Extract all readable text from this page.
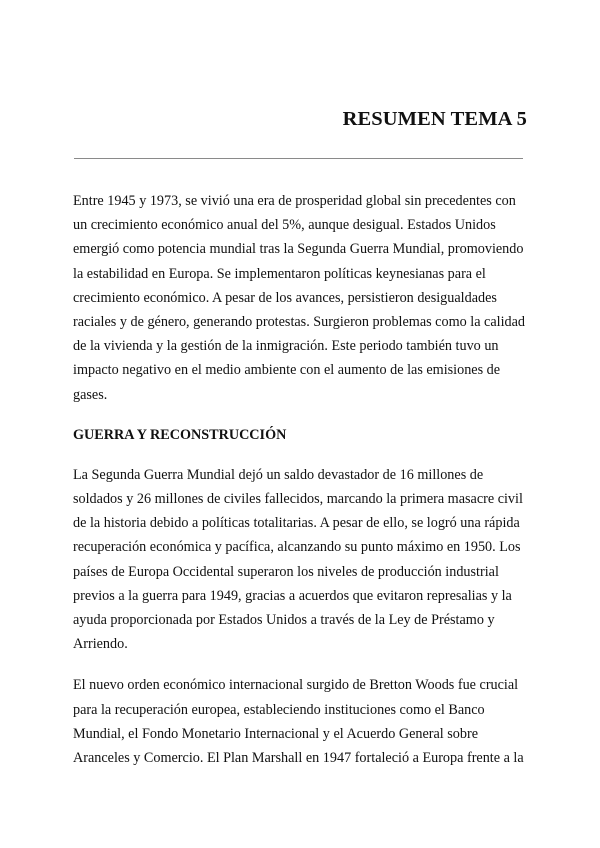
RESUMEN TEMA 5

Entre 1945 y 1973, se vivió una era de prosperidad global sin precedentes con un crecimiento económico anual del 5%, aunque desigual. Estados Unidos emergió como potencia mundial tras la Segunda Guerra Mundial, promoviendo la estabilidad en Europa. Se implementaron políticas keynesianas para el crecimiento económico. A pesar de los avances, persistieron desigualdades raciales y de género, generando protestas. Surgieron problemas como la calidad de la vivienda y la gestión de la inmigración. Este periodo también tuvo un impacto negativo en el medio ambiente con el aumento de las emisiones de gases.

GUERRA Y RECONSTRUCCIÓN

La Segunda Guerra Mundial dejó un saldo devastador de 16 millones de soldados y 26 millones de civiles fallecidos, marcando la primera masacre civil de la historia debido a políticas totalitarias. A pesar de ello, se logró una rápida recuperación económica y pacífica, alcanzando su punto máximo en 1950. Los países de Europa Occidental superaron los niveles de producción industrial previos a la guerra para 1949, gracias a acuerdos que evitaron represalias y la ayuda proporcionada por Estados Unidos a través de la Ley de Préstamo y Arriendo.

El nuevo orden económico internacional surgido de Bretton Woods fue crucial para la recuperación europea, estableciendo instituciones como el Banco Mundial, el Fondo Monetario Internacional y el Acuerdo General sobre Aranceles y Comercio. El Plan Marshall en 1947 fortaleció a Europa frente a la
